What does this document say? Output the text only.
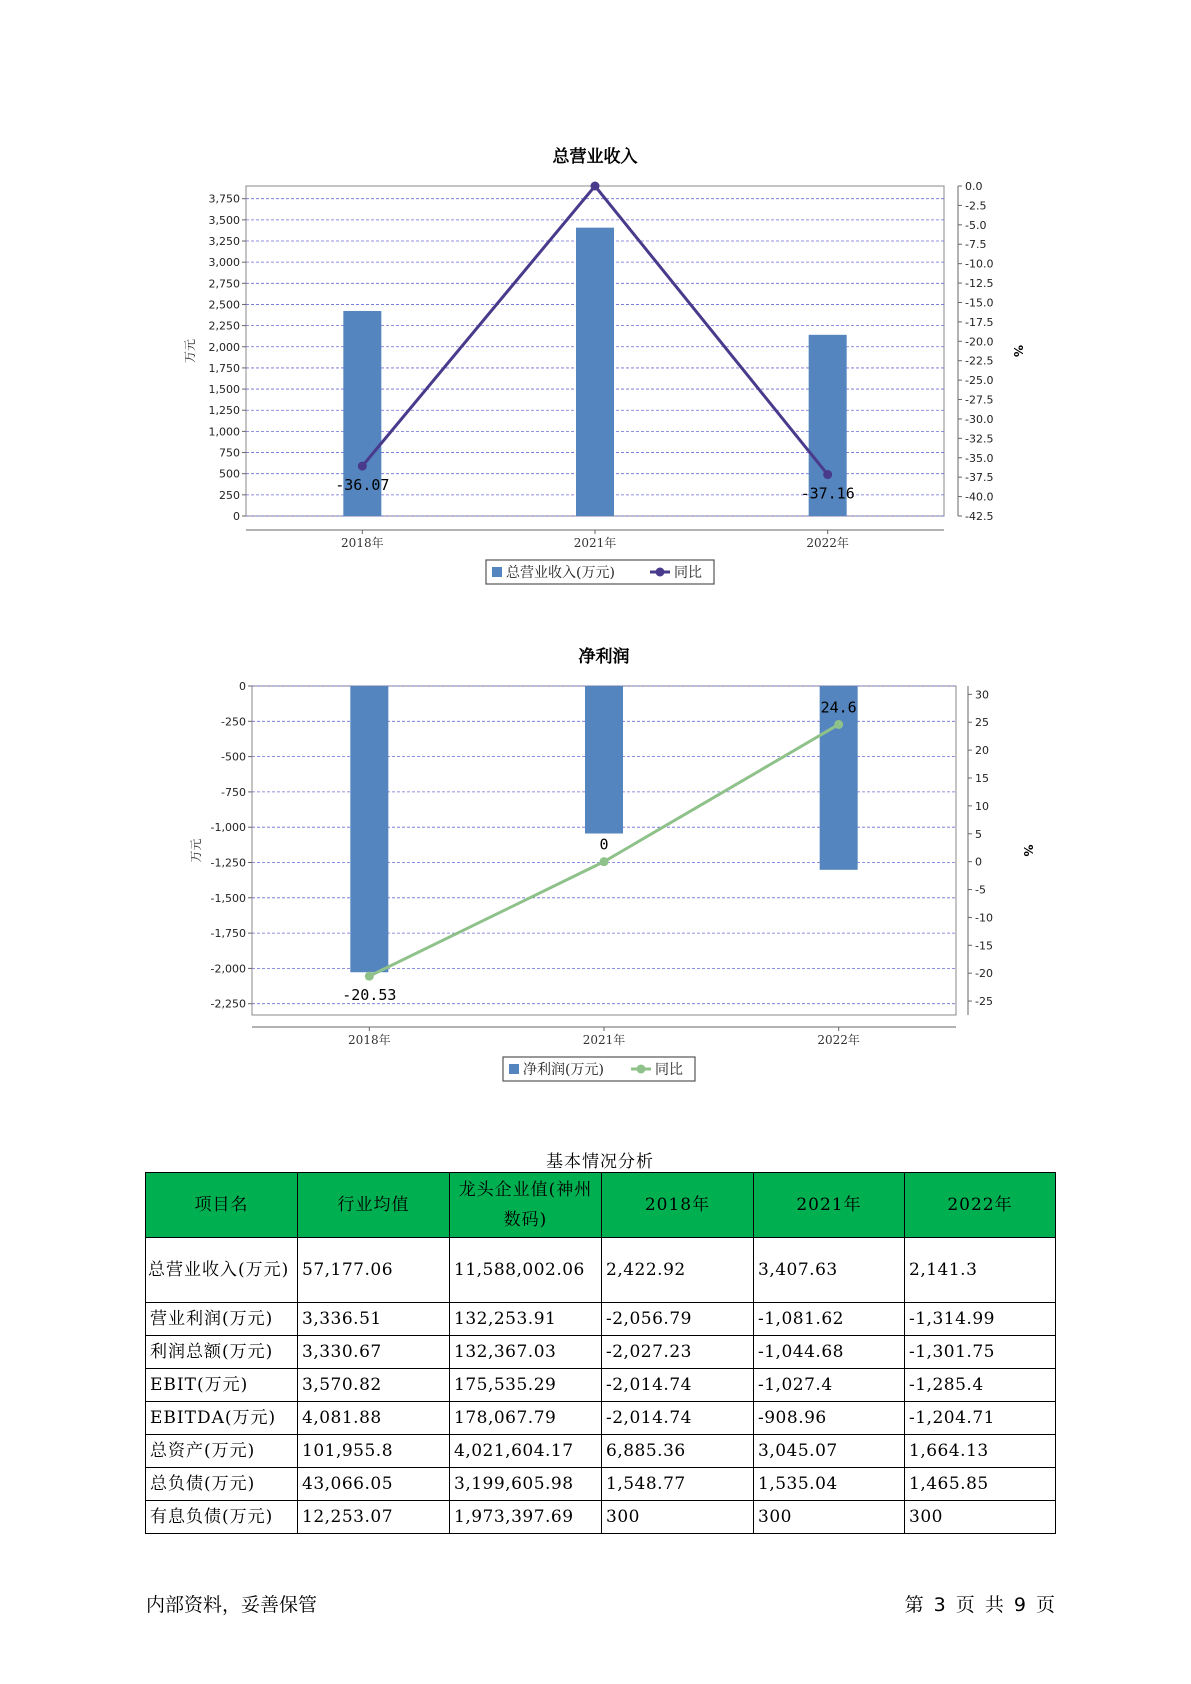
总营业收入
0
250
500
750
1,000
1,250
1,500
1,750
2,000
2,250
2,500
2,750
3,000
3,250
3,500
3,750
0.0
-2.5
-5.0
-7.5
-10.0
-12.5
-15.0
-17.5
-20.0
-22.5
-25.0
-27.5
-30.0
-32.5
-35.0
-37.5
-40.0
-42.5
万元	%
2018年	2021年	2022年
-36.07	-37.16
总营业收入(万元)	同比
净利润
0
-250
-500
-750
-1,000
-1,250
-1,500
-1,750
-2,000
-2,250
30
25
20
15
10
5
0
-5
-10
-15
-20
-25
万元	%
2018年	2021年	2022年
-20.53
0
24.6
净利润(万元)	同比
基本情况分析
项目名	行业均值	龙头企业值(神州数码)	2018年	2021年	2022年
总营业收入(万元)	57,177.06	11,588,002.06	2,422.92	3,407.63	2,141.3
营业利润(万元)	3,336.51	132,253.91	-2,056.79	-1,081.62	-1,314.99
利润总额(万元)	3,330.67	132,367.03	-2,027.23	-1,044.68	-1,301.75
EBIT(万元)	3,570.82	175,535.29	-2,014.74	-1,027.4	-1,285.4
EBITDA(万元)	4,081.88	178,067.79	-2,014.74	-908.96	-1,204.71
总资产(万元)	101,955.8	4,021,604.17	6,885.36	3,045.07	1,664.13
总负债(万元)	43,066.05	3,199,605.98	1,548.77	1,535.04	1,465.85
有息负债(万元)	12,253.07	1,973,397.69	300	300	300
内部资料，妥善保管	第 3 页 共 9 页
